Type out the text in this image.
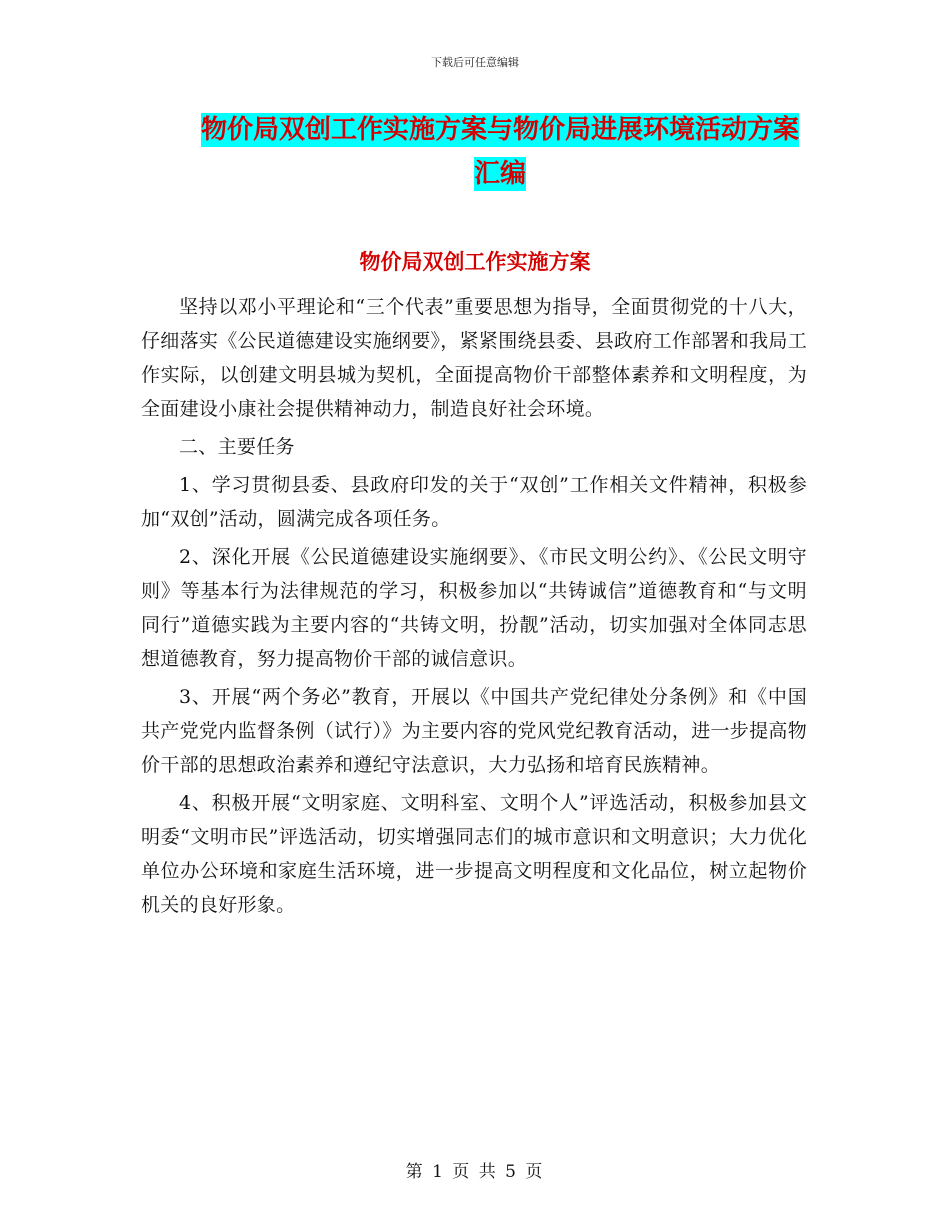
下载后可任意编辑
物价局双创工作实施方案与物价局进展环境活动方案
汇编
物价局双创工作实施方案

坚持以邓小平理论和“三个代表”重要思想为指导，全面贯彻党的十八大，仔细落实《公民道德建设实施纲要》，紧紧围绕县委、县政府工作部署和我局工作实际，以创建文明县城为契机，全面提高物价干部整体素养和文明程度，为全面建设小康社会提供精神动力，制造良好社会环境。

二、主要任务

1、学习贯彻县委、县政府印发的关于“双创”工作相关文件精神，积极参加“双创”活动，圆满完成各项任务。

2、深化开展《公民道德建设实施纲要》、《市民文明公约》、《公民文明守则》等基本行为法律规范的学习，积极参加以“共铸诚信”道德教育和“与文明同行”道德实践为主要内容的“共铸文明，扮靓”活动，切实加强对全体同志思想道德教育，努力提高物价干部的诚信意识。

3、开展“两个务必”教育，开展以《中国共产党纪律处分条例》和《中国共产党党内监督条例（试行）》为主要内容的党风党纪教育活动，进一步提高物价干部的思想政治素养和遵纪守法意识，大力弘扬和培育民族精神。

4、积极开展“文明家庭、文明科室、文明个人”评选活动，积极参加县文明委“文明市民”评选活动，切实增强同志们的城市意识和文明意识；大力优化单位办公环境和家庭生活环境，进一步提高文明程度和文化品位，树立起物价机关的良好形象。

第 1 页 共 5 页
